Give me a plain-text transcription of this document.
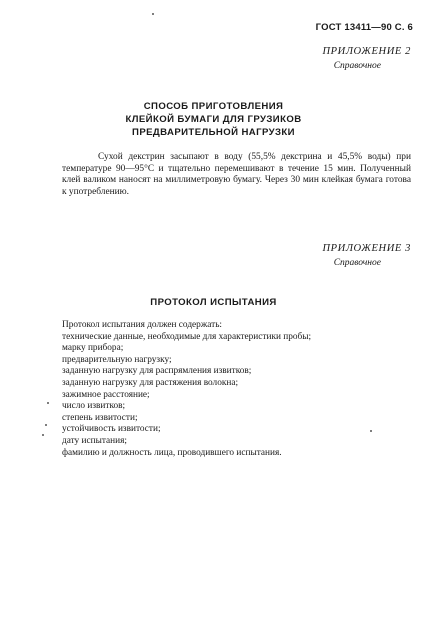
ГОСТ 13411—90 С. 6
ПРИЛОЖЕНИЕ 2
Справочное
СПОСОБ ПРИГОТОВЛЕНИЯ
КЛЕЙКОЙ БУМАГИ ДЛЯ ГРУЗИКОВ
ПРЕДВАРИТЕЛЬНОЙ НАГРУЗКИ
Сухой декстрин засыпают в воду (55,5% декстрина и 45,5% воды) при температуре 90—95°С и тщательно перемешивают в течение 15 мин. Полученный клей валиком наносят на миллиметровую бумагу. Через 30 мин клейкая бумага готова к употреблению.
ПРИЛОЖЕНИЕ 3
Справочное
ПРОТОКОЛ ИСПЫТАНИЯ
Протокол испытания должен содержать:
технические данные, необходимые для характеристики пробы;
марку прибора;
предварительную нагрузку;
заданную нагрузку для распрямления извитков;
заданную нагрузку для растяжения волокна;
зажимное расстояние;
число извитков;
степень извитости;
устойчивость извитости;
дату испытания;
фамилию и должность лица, проводившего испытания.
